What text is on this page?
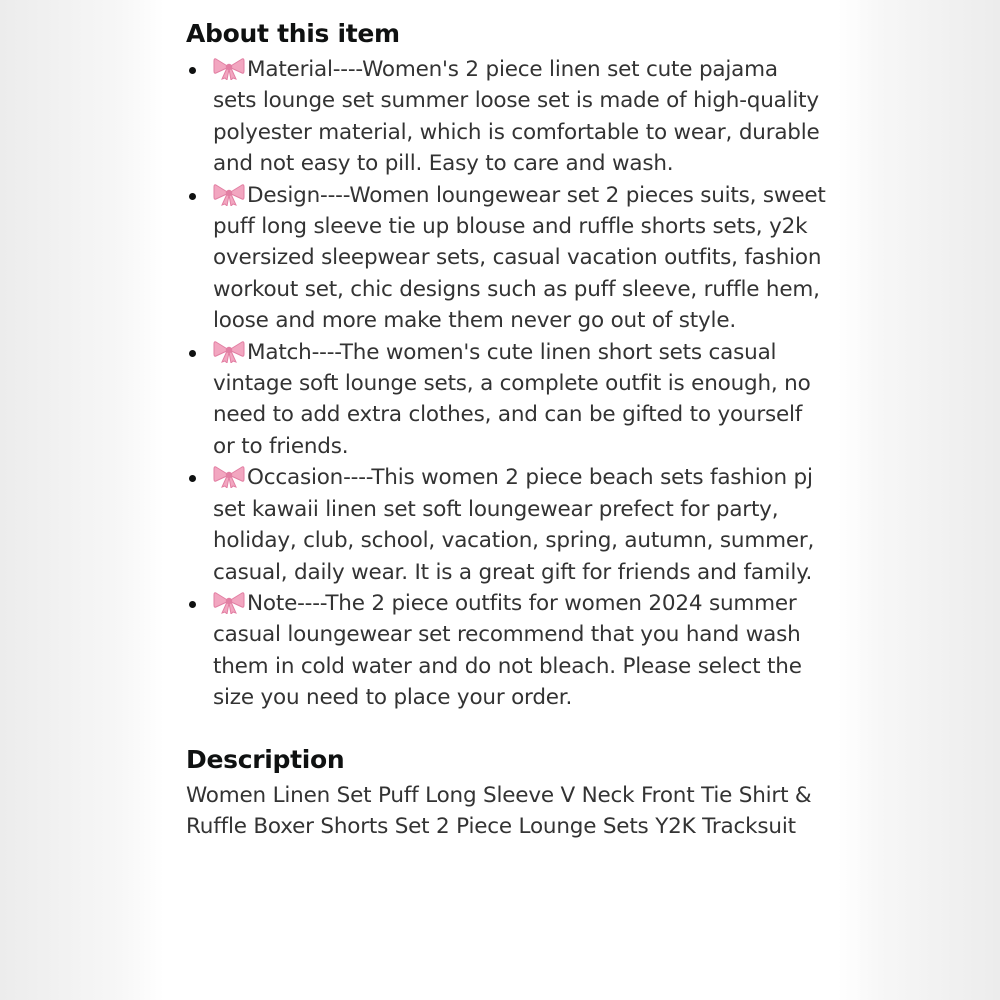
About this item
Material----Women's 2 piece linen set cute pajama sets lounge set summer loose set is made of high-quality polyester material, which is comfortable to wear, durable and not easy to pill. Easy to care and wash.
Design----Women loungewear set 2 pieces suits, sweet puff long sleeve tie up blouse and ruffle shorts sets, y2k oversized sleepwear sets, casual vacation outfits, fashion workout set, chic designs such as puff sleeve, ruffle hem, loose and more make them never go out of style.
Match----The women's cute linen short sets casual vintage soft lounge sets, a complete outfit is enough, no need to add extra clothes, and can be gifted to yourself or to friends.
Occasion----This women 2 piece beach sets fashion pj set kawaii linen set soft loungewear prefect for party, holiday, club, school, vacation, spring, autumn, summer, casual, daily wear. It is a great gift for friends and family.
Note----The 2 piece outfits for women 2024 summer casual loungewear set recommend that you hand wash them in cold water and do not bleach. Please select the size you need to place your order.
Description

Women Linen Set Puff Long Sleeve V Neck Front Tie Shirt & Ruffle Boxer Shorts Set 2 Piece Lounge Sets Y2K Tracksuit
